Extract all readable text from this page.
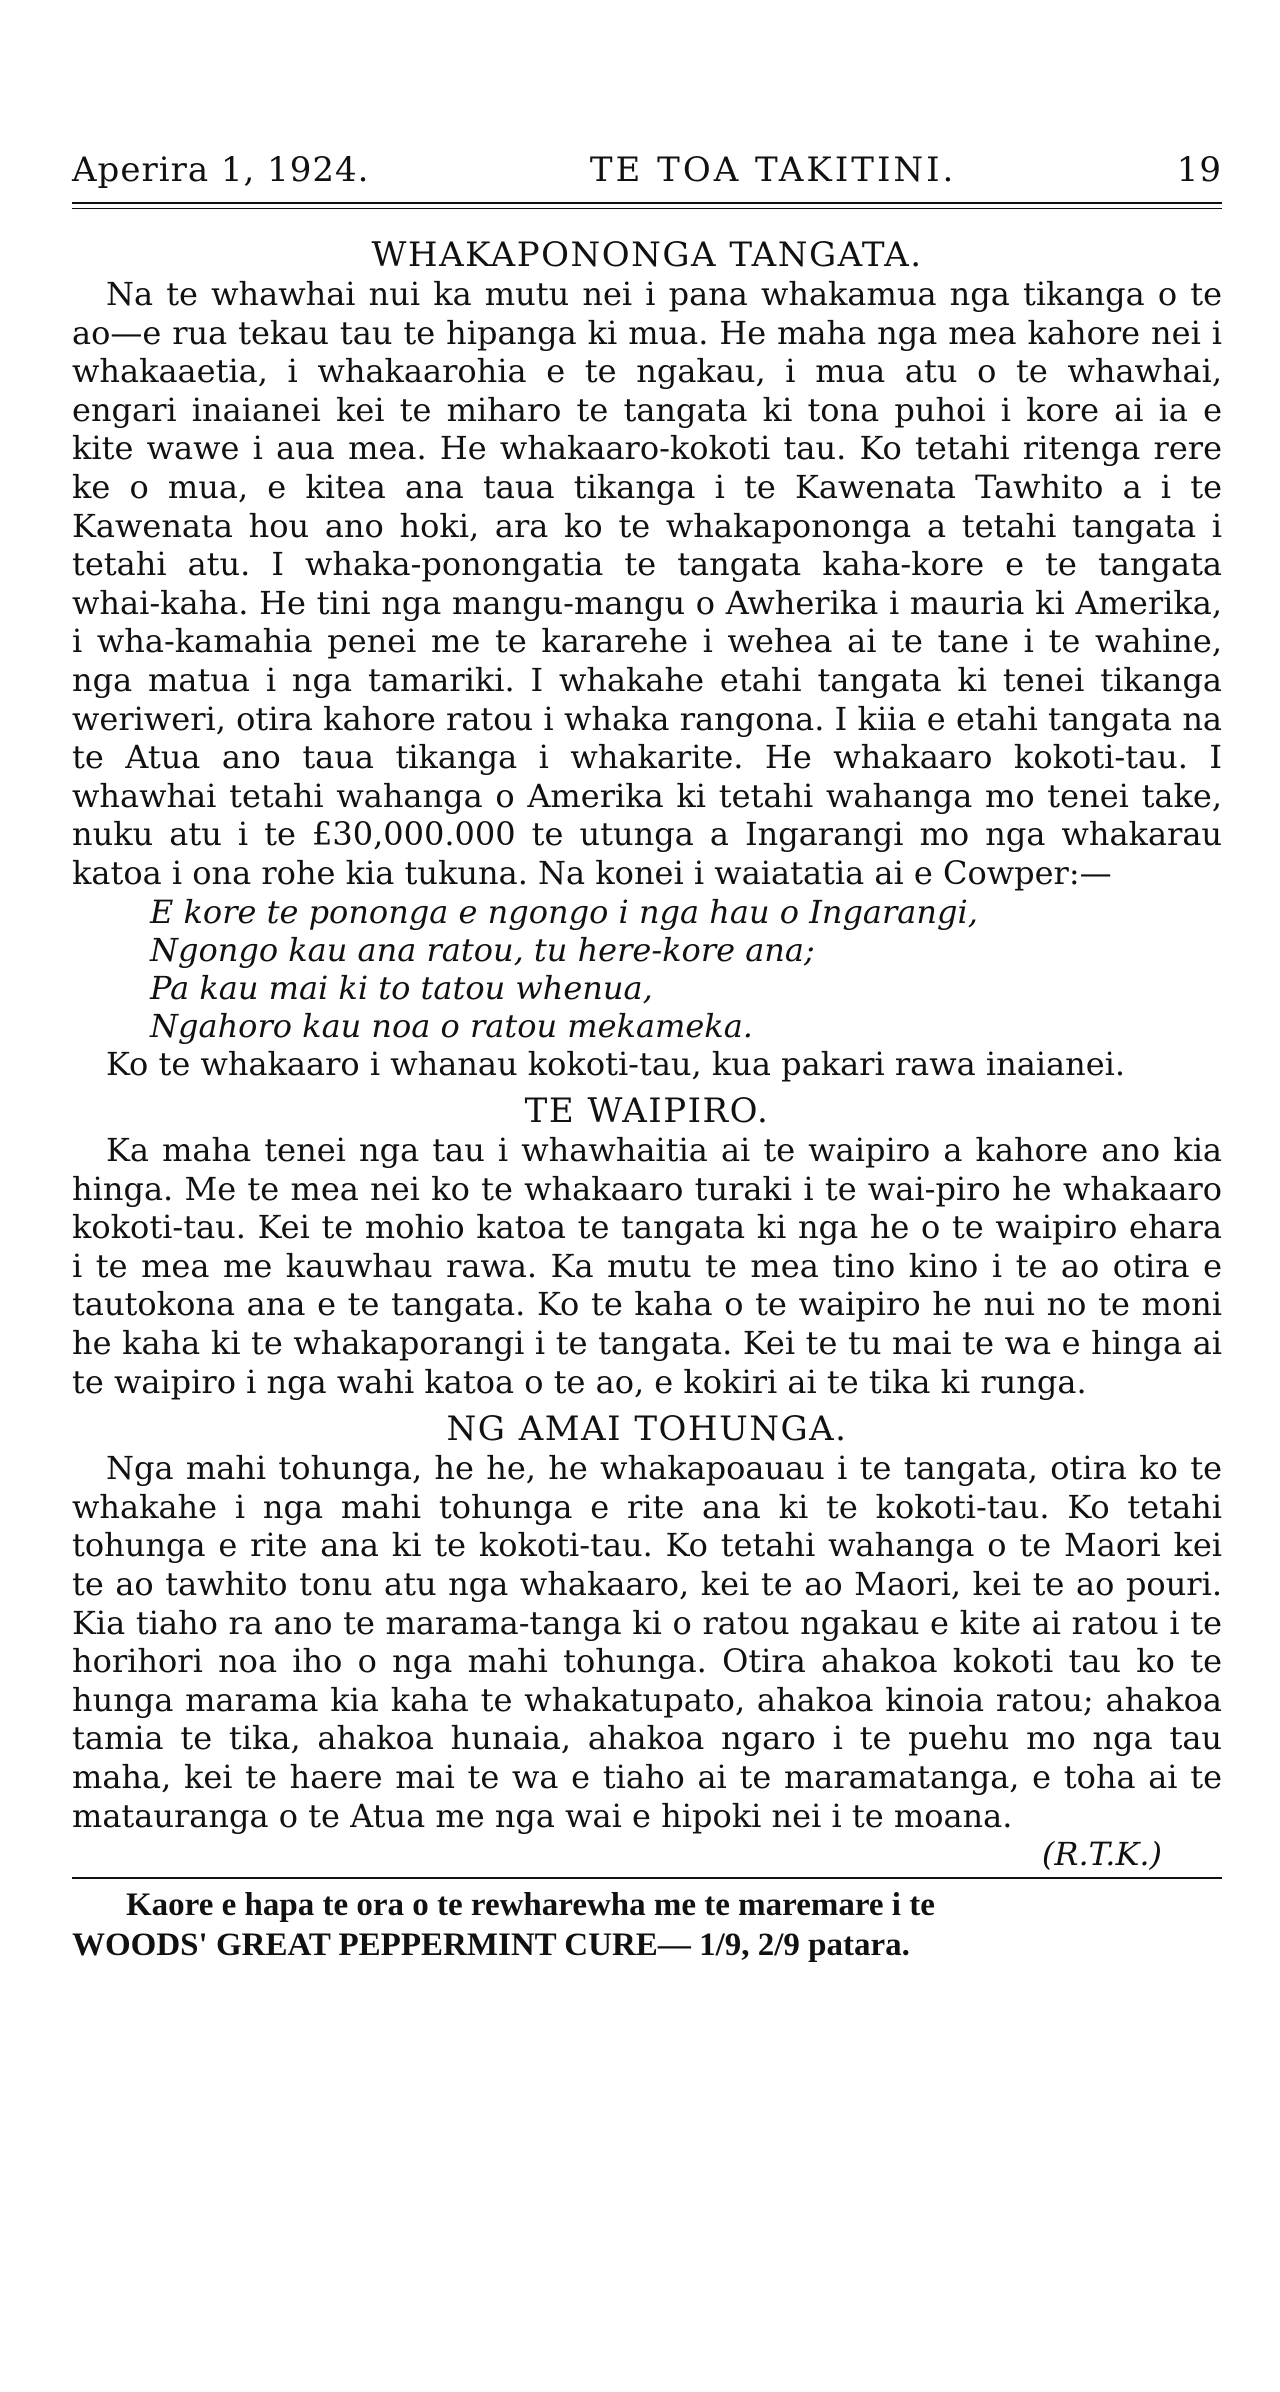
Aperira 1, 1924.	TE TOA TAKITINI.	19
WHAKAPONONGA TANGATA.

Na te whawhai nui ka mutu nei i pana whakamua nga tikanga o te ao—e rua tekau tau te hipanga ki mua. He maha nga mea kahore nei i whakaaetia, i whakaarohia e te ngakau, i mua atu o te whawhai, engari inaianei kei te miharo te tangata ki tona puhoi i kore ai ia e kite wawe i aua mea. He whakaaro-kokoti tau. Ko tetahi ritenga rere ke o mua, e kitea ana taua tikanga i te Kawenata Tawhito a i te Kawenata hou ano hoki, ara ko te whakapononga a tetahi tangata i tetahi atu. I whaka-ponongatia te tangata kaha-kore e te tangata whai-kaha. He tini nga mangu-mangu o Awherika i mauria ki Amerika, i wha-kamahia penei me te kararehe i wehea ai te tane i te wahine, nga matua i nga tamariki. I whakahe etahi tangata ki tenei tikanga weriweri, otira kahore ratou i whaka rangona. I kiia e etahi tangata na te Atua ano taua tikanga i whakarite. He whakaaro kokoti-tau. I whawhai tetahi wahanga o Amerika ki tetahi wahanga mo tenei take, nuku atu i te £30,000.000 te utunga a Ingarangi mo nga whakarau katoa i ona rohe kia tukuna. Na konei i waiatatia ai e Cowper:—

E kore te pononga e ngongo i nga hau o Ingarangi,
Ngongo kau ana ratou, tu here-kore ana;
Pa kau mai ki to tatou whenua,
Ngahoro kau noa o ratou mekameka.

Ko te whakaaro i whanau kokoti-tau, kua pakari rawa inaianei.

TE WAIPIRO.

Ka maha tenei nga tau i whawhaitia ai te waipiro a kahore ano kia hinga. Me te mea nei ko te whakaaro turaki i te wai-piro he whakaaro kokoti-tau. Kei te mohio katoa te tangata ki nga he o te waipiro ehara i te mea me kauwhau rawa. Ka mutu te mea tino kino i te ao otira e tautokona ana e te tangata. Ko te kaha o te waipiro he nui no te moni he kaha ki te whakaporangi i te tangata. Kei te tu mai te wa e hinga ai te waipiro i nga wahi katoa o te ao, e kokiri ai te tika ki runga.

NG AMAI TOHUNGA.

Nga mahi tohunga, he he, he whakapoauau i te tangata, otira ko te whakahe i nga mahi tohunga e rite ana ki te kokoti-tau. Ko tetahi tohunga e rite ana ki te kokoti-tau. Ko tetahi wahanga o te Maori kei te ao tawhito tonu atu nga whakaaro, kei te ao Maori, kei te ao pouri. Kia tiaho ra ano te marama-tanga ki o ratou ngakau e kite ai ratou i te horihori noa iho o nga mahi tohunga. Otira ahakoa kokoti tau ko te hunga marama kia kaha te whakatupato, ahakoa kinoia ratou; ahakoa tamia te tika, ahakoa hunaia, ahakoa ngaro i te puehu mo nga tau maha, kei te haere mai te wa e tiaho ai te maramatanga, e toha ai te matauranga o te Atua me nga wai e hipoki nei i te moana.

(R.T.K.)
Kaore e hapa te ora o te rewharewha me te maremare i te
WOODS' GREAT PEPPERMINT CURE— 1/9, 2/9 patara.
